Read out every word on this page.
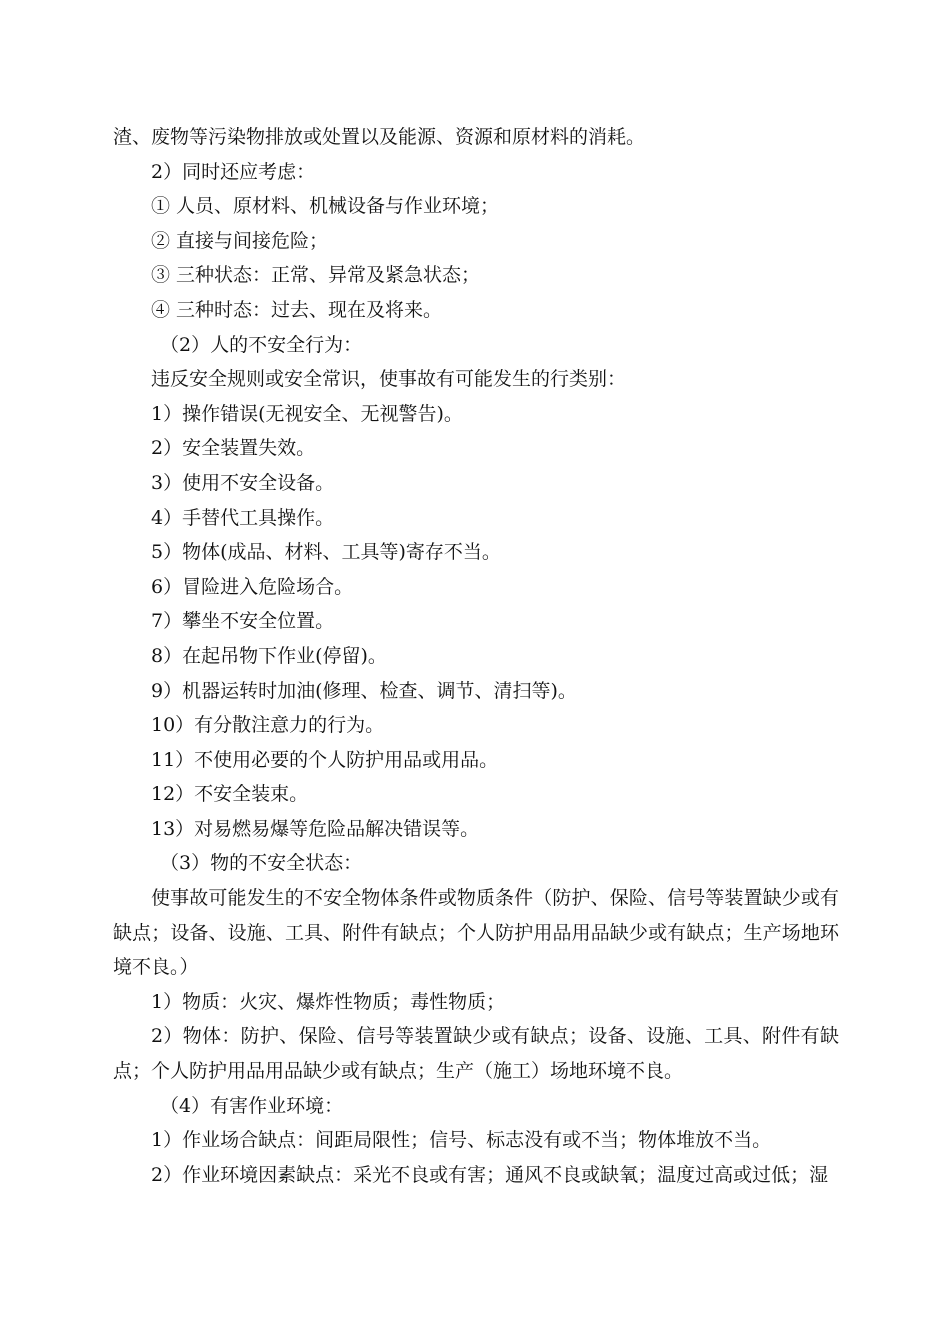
渣、废物等污染物排放或处置以及能源、资源和原材料的消耗。
2）同时还应考虑：
① 人员、原材料、机械设备与作业环境；
② 直接与间接危险；
③ 三种状态：正常、异常及紧急状态；
④ 三种时态：过去、现在及将来。
（2）人的不安全行为：
违反安全规则或安全常识，使事故有可能发生的行类别：
1）操作错误(无视安全、无视警告)。
2）安全装置失效。
3）使用不安全设备。
4）手替代工具操作。
5）物体(成品、材料、工具等)寄存不当。
6）冒险进入危险场合。
7）攀坐不安全位置。
8）在起吊物下作业(停留)。
9）机器运转时加油(修理、检查、调节、清扫等)。
10）有分散注意力的行为。
11）不使用必要的个人防护用品或用品。
12）不安全装束。
13）对易燃易爆等危险品解决错误等。
（3）物的不安全状态：

使事故可能发生的不安全物体条件或物质条件（防护、保险、信号等装置缺少或有缺点；设备、设施、工具、附件有缺点；个人防护用品用品缺少或有缺点；生产场地环境不良。）

1）物质：火灾、爆炸性物质；毒性物质；

2）物体：防护、保险、信号等装置缺少或有缺点；设备、设施、工具、附件有缺点；个人防护用品用品缺少或有缺点；生产（施工）场地环境不良。

（4）有害作业环境：
1）作业场合缺点：间距局限性；信号、标志没有或不当；物体堆放不当。
2）作业环境因素缺点：采光不良或有害；通风不良或缺氧；温度过高或过低；湿
